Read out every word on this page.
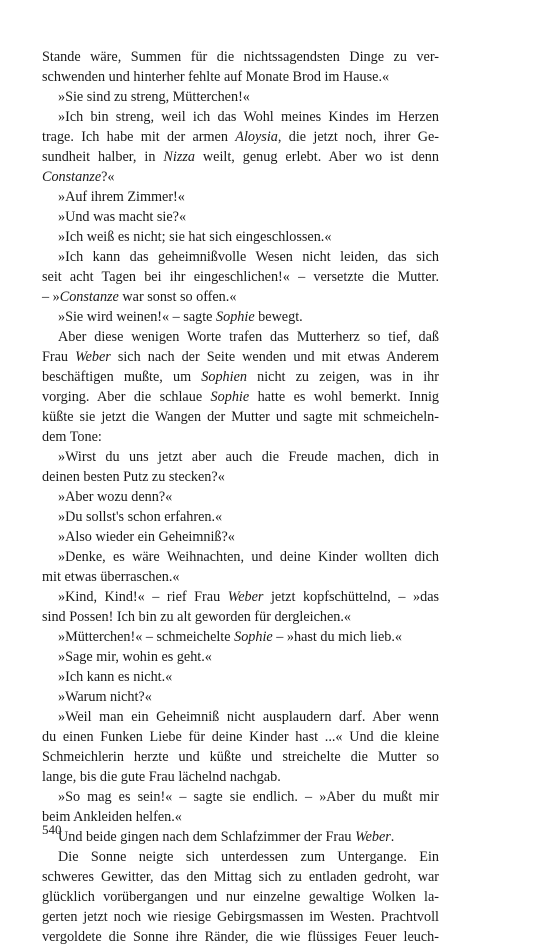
Stande wäre, Summen für die nichtssagendsten Dinge zu ver-
schwenden und hinterher fehlte auf Monate Brod im Hause.«
»Sie sind zu streng, Mütterchen!«
»Ich bin streng, weil ich das Wohl meines Kindes im Herzen
trage. Ich habe mit der armen Aloysia, die jetzt noch, ihrer Ge-
sundheit halber, in Nizza weilt, genug erlebt. Aber wo ist denn
Constanze?«
»Auf ihrem Zimmer!«
»Und was macht sie?«
»Ich weiß es nicht; sie hat sich eingeschlossen.«
»Ich kann das geheimnißvolle Wesen nicht leiden, das sich
seit acht Tagen bei ihr eingeschlichen!« – versetzte die Mutter.
– »Constanze war sonst so offen.«
»Sie wird weinen!« – sagte Sophie bewegt.
Aber diese wenigen Worte trafen das Mutterherz so tief, daß
Frau Weber sich nach der Seite wenden und mit etwas Anderem
beschäftigen mußte, um Sophien nicht zu zeigen, was in ihr
vorging. Aber die schlaue Sophie hatte es wohl bemerkt. Innig
küßte sie jetzt die Wangen der Mutter und sagte mit schmeicheln-
dem Tone:
»Wirst du uns jetzt aber auch die Freude machen, dich in
deinen besten Putz zu stecken?«
»Aber wozu denn?«
»Du sollst's schon erfahren.«
»Also wieder ein Geheimniß?«
»Denke, es wäre Weihnachten, und deine Kinder wollten dich
mit etwas überraschen.«
»Kind, Kind!« – rief Frau Weber jetzt kopfschüttelnd, – »das
sind Possen! Ich bin zu alt geworden für dergleichen.«
»Mütterchen!« – schmeichelte Sophie – »hast du mich lieb.«
»Sage mir, wohin es geht.«
»Ich kann es nicht.«
»Warum nicht?«
»Weil man ein Geheimniß nicht ausplaudern darf. Aber wenn
du einen Funken Liebe für deine Kinder hast ...« Und die kleine
Schmeichlerin herzte und küßte und streichelte die Mutter so
lange, bis die gute Frau lächelnd nachgab.
»So mag es sein!« – sagte sie endlich. – »Aber du mußt mir
beim Ankleiden helfen.«
Und beide gingen nach dem Schlafzimmer der Frau Weber.
Die Sonne neigte sich unterdessen zum Untergange. Ein
schweres Gewitter, das den Mittag sich zu entladen gedroht, war
glücklich vorübergangen und nur einzelne gewaltige Wolken la-
gerten jetzt noch wie riesige Gebirgsmassen im Westen. Prachtvoll
vergoldete die Sonne ihre Ränder, die wie flüssiges Feuer leuch-
540
